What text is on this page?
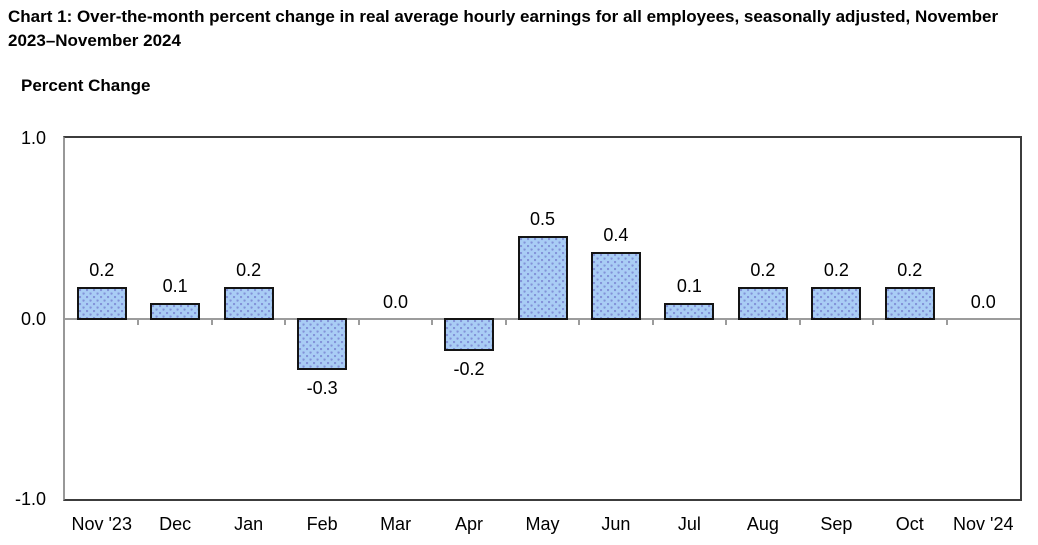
Chart 1: Over-the-month percent change in real average hourly earnings for all employees, seasonally adjusted, November 2023–November 2024
Percent Change
0.2
0.1
0.2
-0.3
0.0
-0.2
0.5
0.4
0.1
0.2	0.2	0.2
0.0
1.0
0.0
-1.0
Nov '23	Dec	Jan	Feb	Mar	Apr	May	Jun	Jul	Aug	Sep	Oct	Nov '24
